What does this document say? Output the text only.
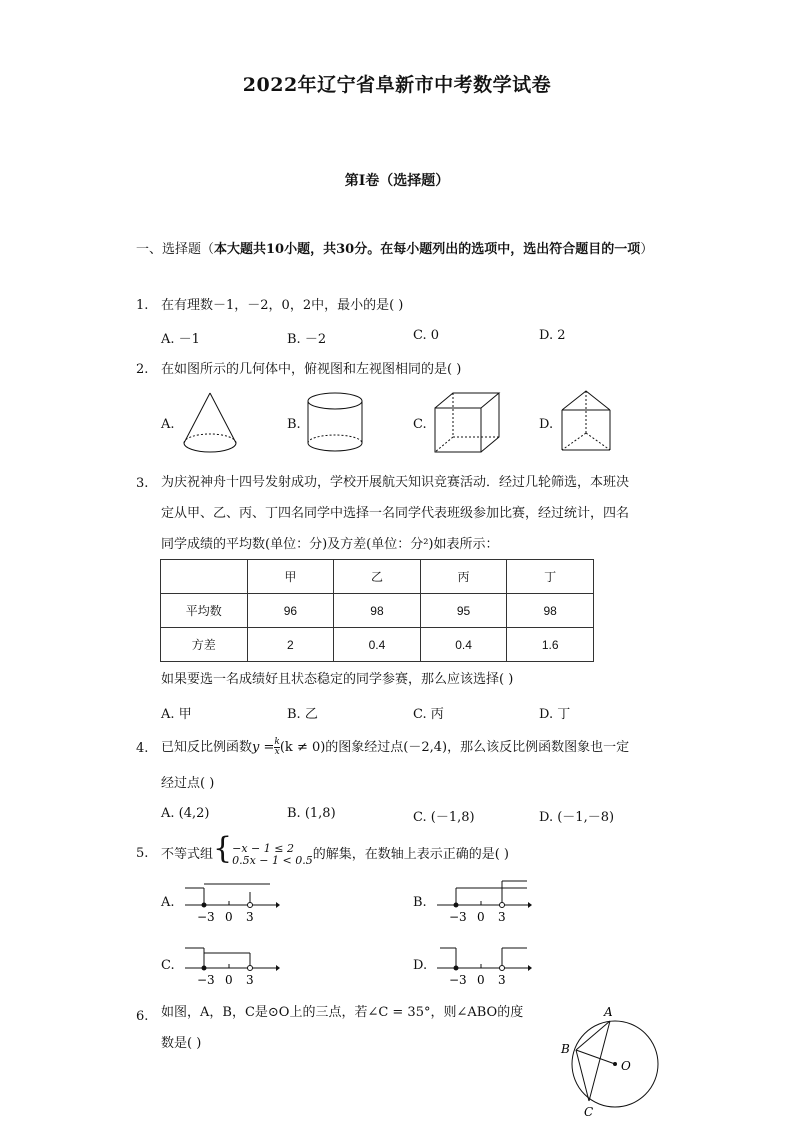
2022年辽宁省阜新市中考数学试卷
第Ⅰ卷（选择题）
一、选择题（本大题共10小题，共30分。在每小题列出的选项中，选出符合题目的一项）
1. 在有理数－1，－2，0，2中，最小的是( )
A. －1	B. －2	C. 0	D. 2
2. 在如图所示的几何体中，俯视图和左视图相同的是( )
A.	B.	C.	D.
3. 为庆祝神舟十四号发射成功，学校开展航天知识竞赛活动．经过几轮筛选，本班决
定从甲、乙、丙、丁四名同学中选择一名同学代表班级参加比赛，经过统计，四名
同学成绩的平均数(单位：分)及方差(单位：分²)如表所示：
	甲	乙	丙	丁
平均数	96	98	95	98
方差	2	0.4	0.4	1.6
如果要选一名成绩好且状态稳定的同学参赛，那么应该选择( )
A. 甲	B. 乙	C. 丙	D. 丁
4. 已知反比例函数$y = \frac{k}{x} (k \ne 0)$的图象经过点(－2,4)，那么该反比例函数图象也一定
经过点( )
A. (4,2)	B. (1,8)	C. (－1,8)	D. (－1,－8)
5. 不等式组{ −x − 1 ≤ 2
0.5x − 1 < 0.5 的解集，在数轴上表示正确的是( )
A.
−3 0 3
B.
−3 0 3
C.
−3 0 3
D.
−3 0 3
6. 如图，A，B，C是⊙O上的三点，若∠C = 35°，则∠ABO的度
数是( )
A
B
C
O
